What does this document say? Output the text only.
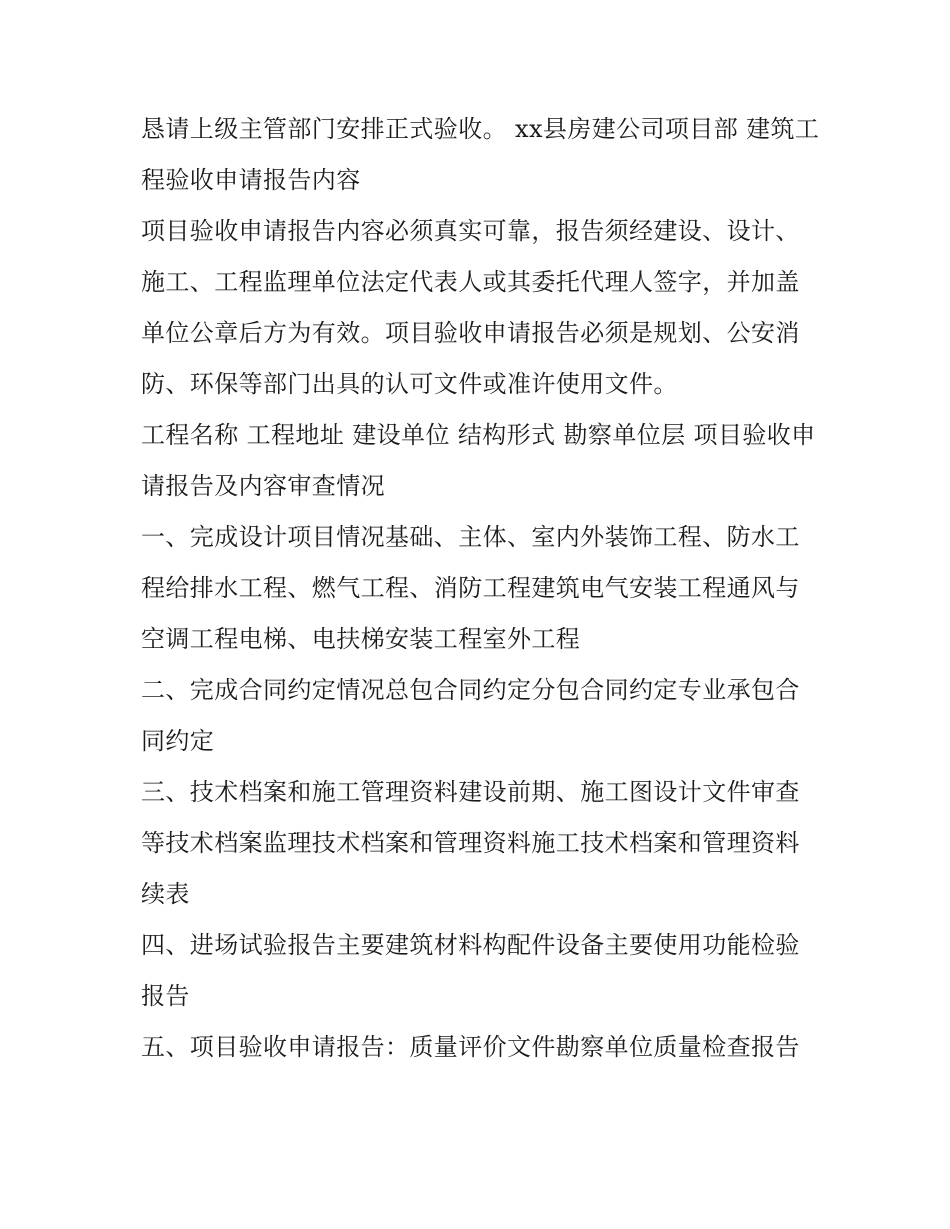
恳请上级主管部门安排正式验收。 xx县房建公司项目部 建筑工程验收申请报告内容

项目验收申请报告内容必须真实可靠，报告须经建设、设计、施工、工程监理单位法定代表人或其委托代理人签字，并加盖单位公章后方为有效。项目验收申请报告必须是规划、公安消防、环保等部门出具的认可文件或准许使用文件。

工程名称 工程地址 建设单位 结构形式 勘察单位层 项目验收申请报告及内容审查情况

一、完成设计项目情况基础、主体、室内外装饰工程、防水工程给排水工程、燃气工程、消防工程建筑电气安装工程通风与空调工程电梯、电扶梯安装工程室外工程

二、完成合同约定情况总包合同约定分包合同约定专业承包合同约定

三、技术档案和施工管理资料建设前期、施工图设计文件审查等技术档案监理技术档案和管理资料施工技术档案和管理资料续表

四、进场试验报告主要建筑材料构配件设备主要使用功能检验报告

五、项目验收申请报告：质量评价文件勘察单位质量检查报告
